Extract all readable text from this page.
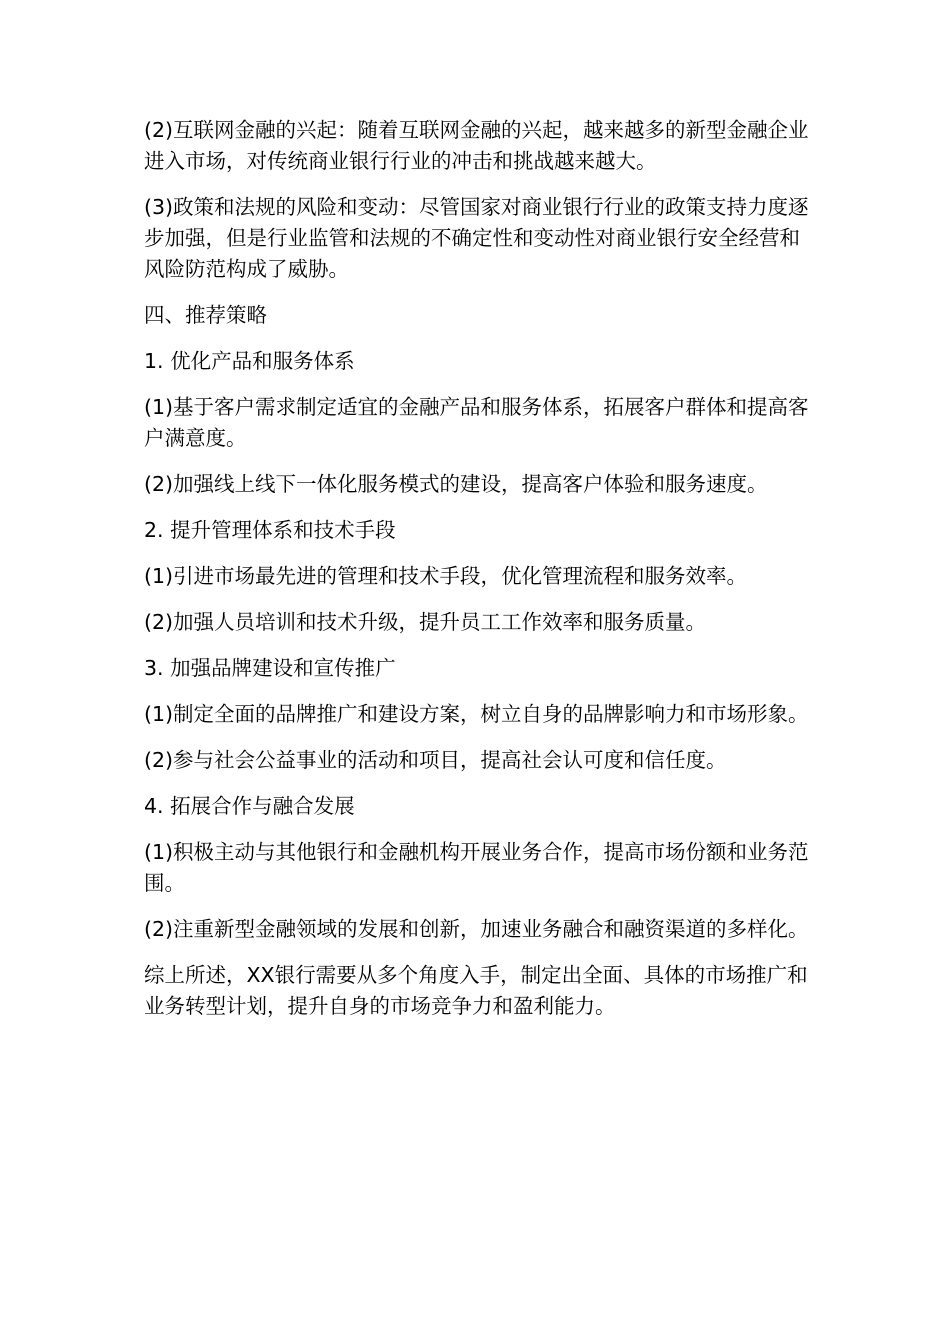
(2)互联网金融的兴起：随着互联网金融的兴起，越来越多的新型金融企业进入市场，对传统商业银行行业的冲击和挑战越来越大。

(3)政策和法规的风险和变动：尽管国家对商业银行行业的政策支持力度逐步加强，但是行业监管和法规的不确定性和变动性对商业银行安全经营和风险防范构成了威胁。

四、推荐策略

1. 优化产品和服务体系

(1)基于客户需求制定适宜的金融产品和服务体系，拓展客户群体和提高客户满意度。

(2)加强线上线下一体化服务模式的建设，提高客户体验和服务速度。

2. 提升管理体系和技术手段

(1)引进市场最先进的管理和技术手段，优化管理流程和服务效率。

(2)加强人员培训和技术升级，提升员工工作效率和服务质量。

3. 加强品牌建设和宣传推广

(1)制定全面的品牌推广和建设方案，树立自身的品牌影响力和市场形象。

(2)参与社会公益事业的活动和项目，提高社会认可度和信任度。

4. 拓展合作与融合发展

(1)积极主动与其他银行和金融机构开展业务合作，提高市场份额和业务范围。

(2)注重新型金融领域的发展和创新，加速业务融合和融资渠道的多样化。

综上所述，XX银行需要从多个角度入手，制定出全面、具体的市场推广和业务转型计划，提升自身的市场竞争力和盈利能力。
